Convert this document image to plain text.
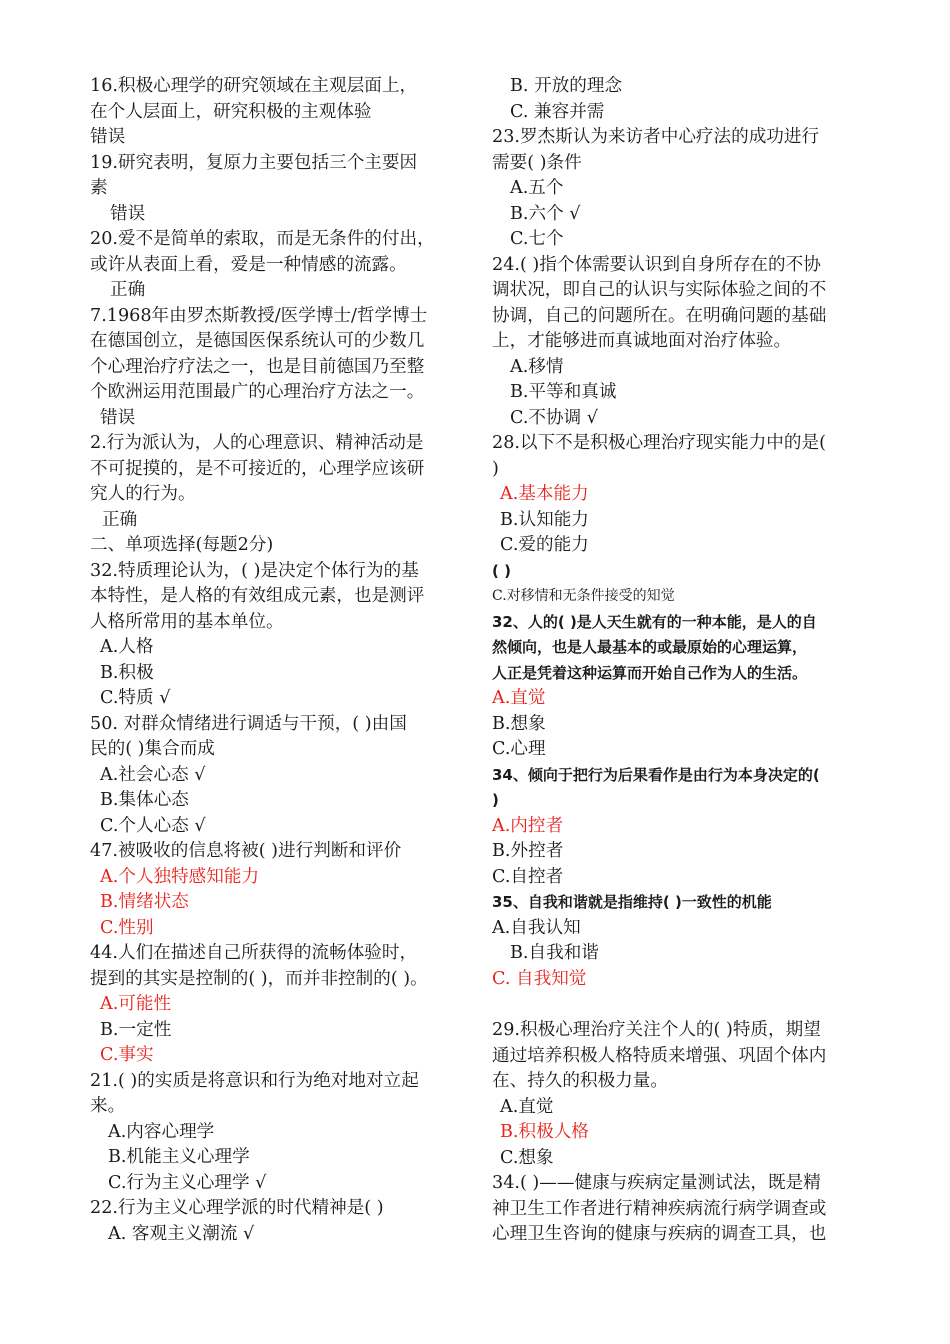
16.积极心理学的研究领域在主观层面上，
在个人层面上，研究积极的主观体验
错误
19.研究表明，复原力主要包括三个主要因
素
错误
20.爱不是简单的索取，而是无条件的付出，
或许从表面上看，爱是一种情感的流露。
正确
7.1968年由罗杰斯教授/医学博士/哲学博士
在德国创立，是德国医保系统认可的少数几
个心理治疗疗法之一，也是目前德国乃至整
个欧洲运用范围最广的心理治疗方法之一。
错误
2.行为派认为，人的心理意识、精神活动是
不可捉摸的，是不可接近的，心理学应该研
究人的行为。
正确
二、单项选择(每题2分)
32.特质理论认为，( )是决定个体行为的基
本特性，是人格的有效组成元素，也是测评
人格所常用的基本单位。
A.人格
B.积极
C.特质 √
50. 对群众情绪进行调适与干预，( )由国
民的( )集合而成
A.社会心态 √
B.集体心态
C.个人心态 √
47.被吸收的信息将被( )进行判断和评价
A.个人独特感知能力
B.情绪状态
C.性别
44.人们在描述自己所获得的流畅体验时，
提到的其实是控制的( )，而并非控制的( )。
A.可能性
B.一定性
C.事实
21.( )的实质是将意识和行为绝对地对立起
来。
A.内容心理学
B.机能主义心理学
C.行为主义心理学 √
22.行为主义心理学派的时代精神是( )
A. 客观主义潮流 √
B. 开放的理念
C. 兼容并需
23.罗杰斯认为来访者中心疗法的成功进行
需要( )条件
A.五个
B.六个 √
C.七个
24.( )指个体需要认识到自身所存在的不协
调状况，即自己的认识与实际体验之间的不
协调，自己的问题所在。在明确问题的基础
上，才能够进而真诚地面对治疗体验。
A.移情
B.平等和真诚
C.不协调 √
28.以下不是积极心理治疗现实能力中的是(
)
A.基本能力
B.认知能力
C.爱的能力
( )
C.对移情和无条件接受的知觉
32、人的( )是人天生就有的一种本能，是人的自
然倾向，也是人最基本的或最原始的心理运算，
人正是凭着这种运算而开始自己作为人的生活。
A.直觉
B.想象
C.心理
34、倾向于把行为后果看作是由行为本身决定的(
)
A.内控者
B.外控者
C.自控者
35、自我和谐就是指维持( )一致性的机能
A.自我认知
B.自我和谐
C. 自我知觉
29.积极心理治疗关注个人的( )特质，期望
通过培养积极人格特质来增强、巩固个体内
在、持久的积极力量。
A.直觉
B.积极人格
C.想象
34.( )——健康与疾病定量测试法，既是精
神卫生工作者进行精神疾病流行病学调查或
心理卫生咨询的健康与疾病的调查工具，也
